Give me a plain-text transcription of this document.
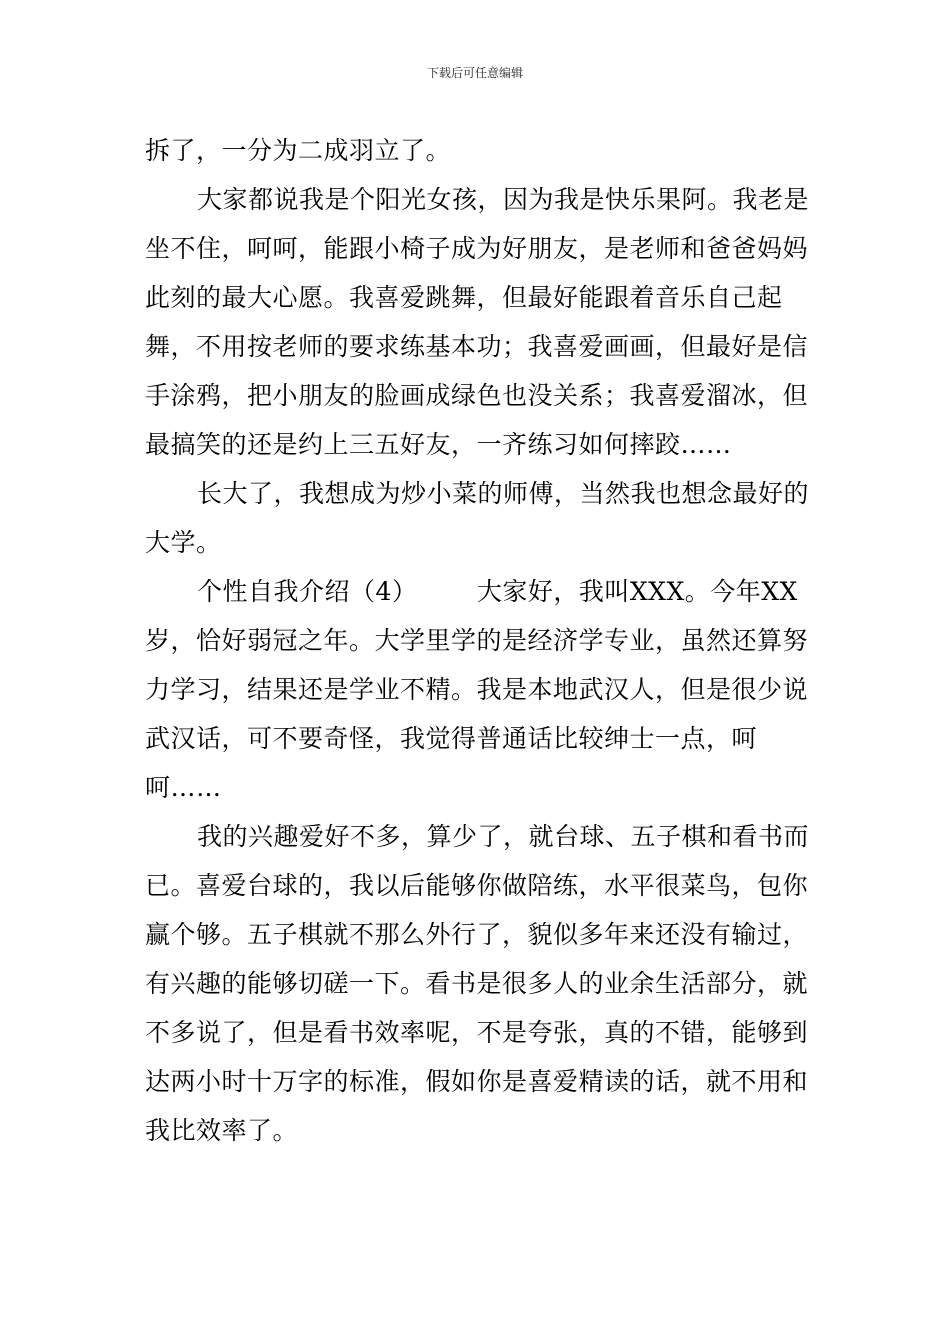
下载后可任意编辑

拆了，一分为二成羽立了。

大家都说我是个阳光女孩，因为我是快乐果阿。我老是坐不住，呵呵，能跟小椅子成为好朋友，是老师和爸爸妈妈此刻的最大心愿。我喜爱跳舞，但最好能跟着音乐自己起舞，不用按老师的要求练基本功；我喜爱画画，但最好是信手涂鸦，把小朋友的脸画成绿色也没关系；我喜爱溜冰，但最搞笑的还是约上三五好友，一齐练习如何摔跤……

长大了，我想成为炒小菜的师傅，当然我也想念最好的大学。

个性自我介绍（4） 　　大家好，我叫XXX。今年XX岁，恰好弱冠之年。大学里学的是经济学专业，虽然还算努力学习，结果还是学业不精。我是本地武汉人，但是很少说武汉话，可不要奇怪，我觉得普通话比较绅士一点，呵呵……

我的兴趣爱好不多，算少了，就台球、五子棋和看书而已。喜爱台球的，我以后能够你做陪练，水平很菜鸟，包你赢个够。五子棋就不那么外行了，貌似多年来还没有输过，有兴趣的能够切磋一下。看书是很多人的业余生活部分，就不多说了，但是看书效率呢，不是夸张，真的不错，能够到达两小时十万字的标准，假如你是喜爱精读的话，就不用和我比效率了。
